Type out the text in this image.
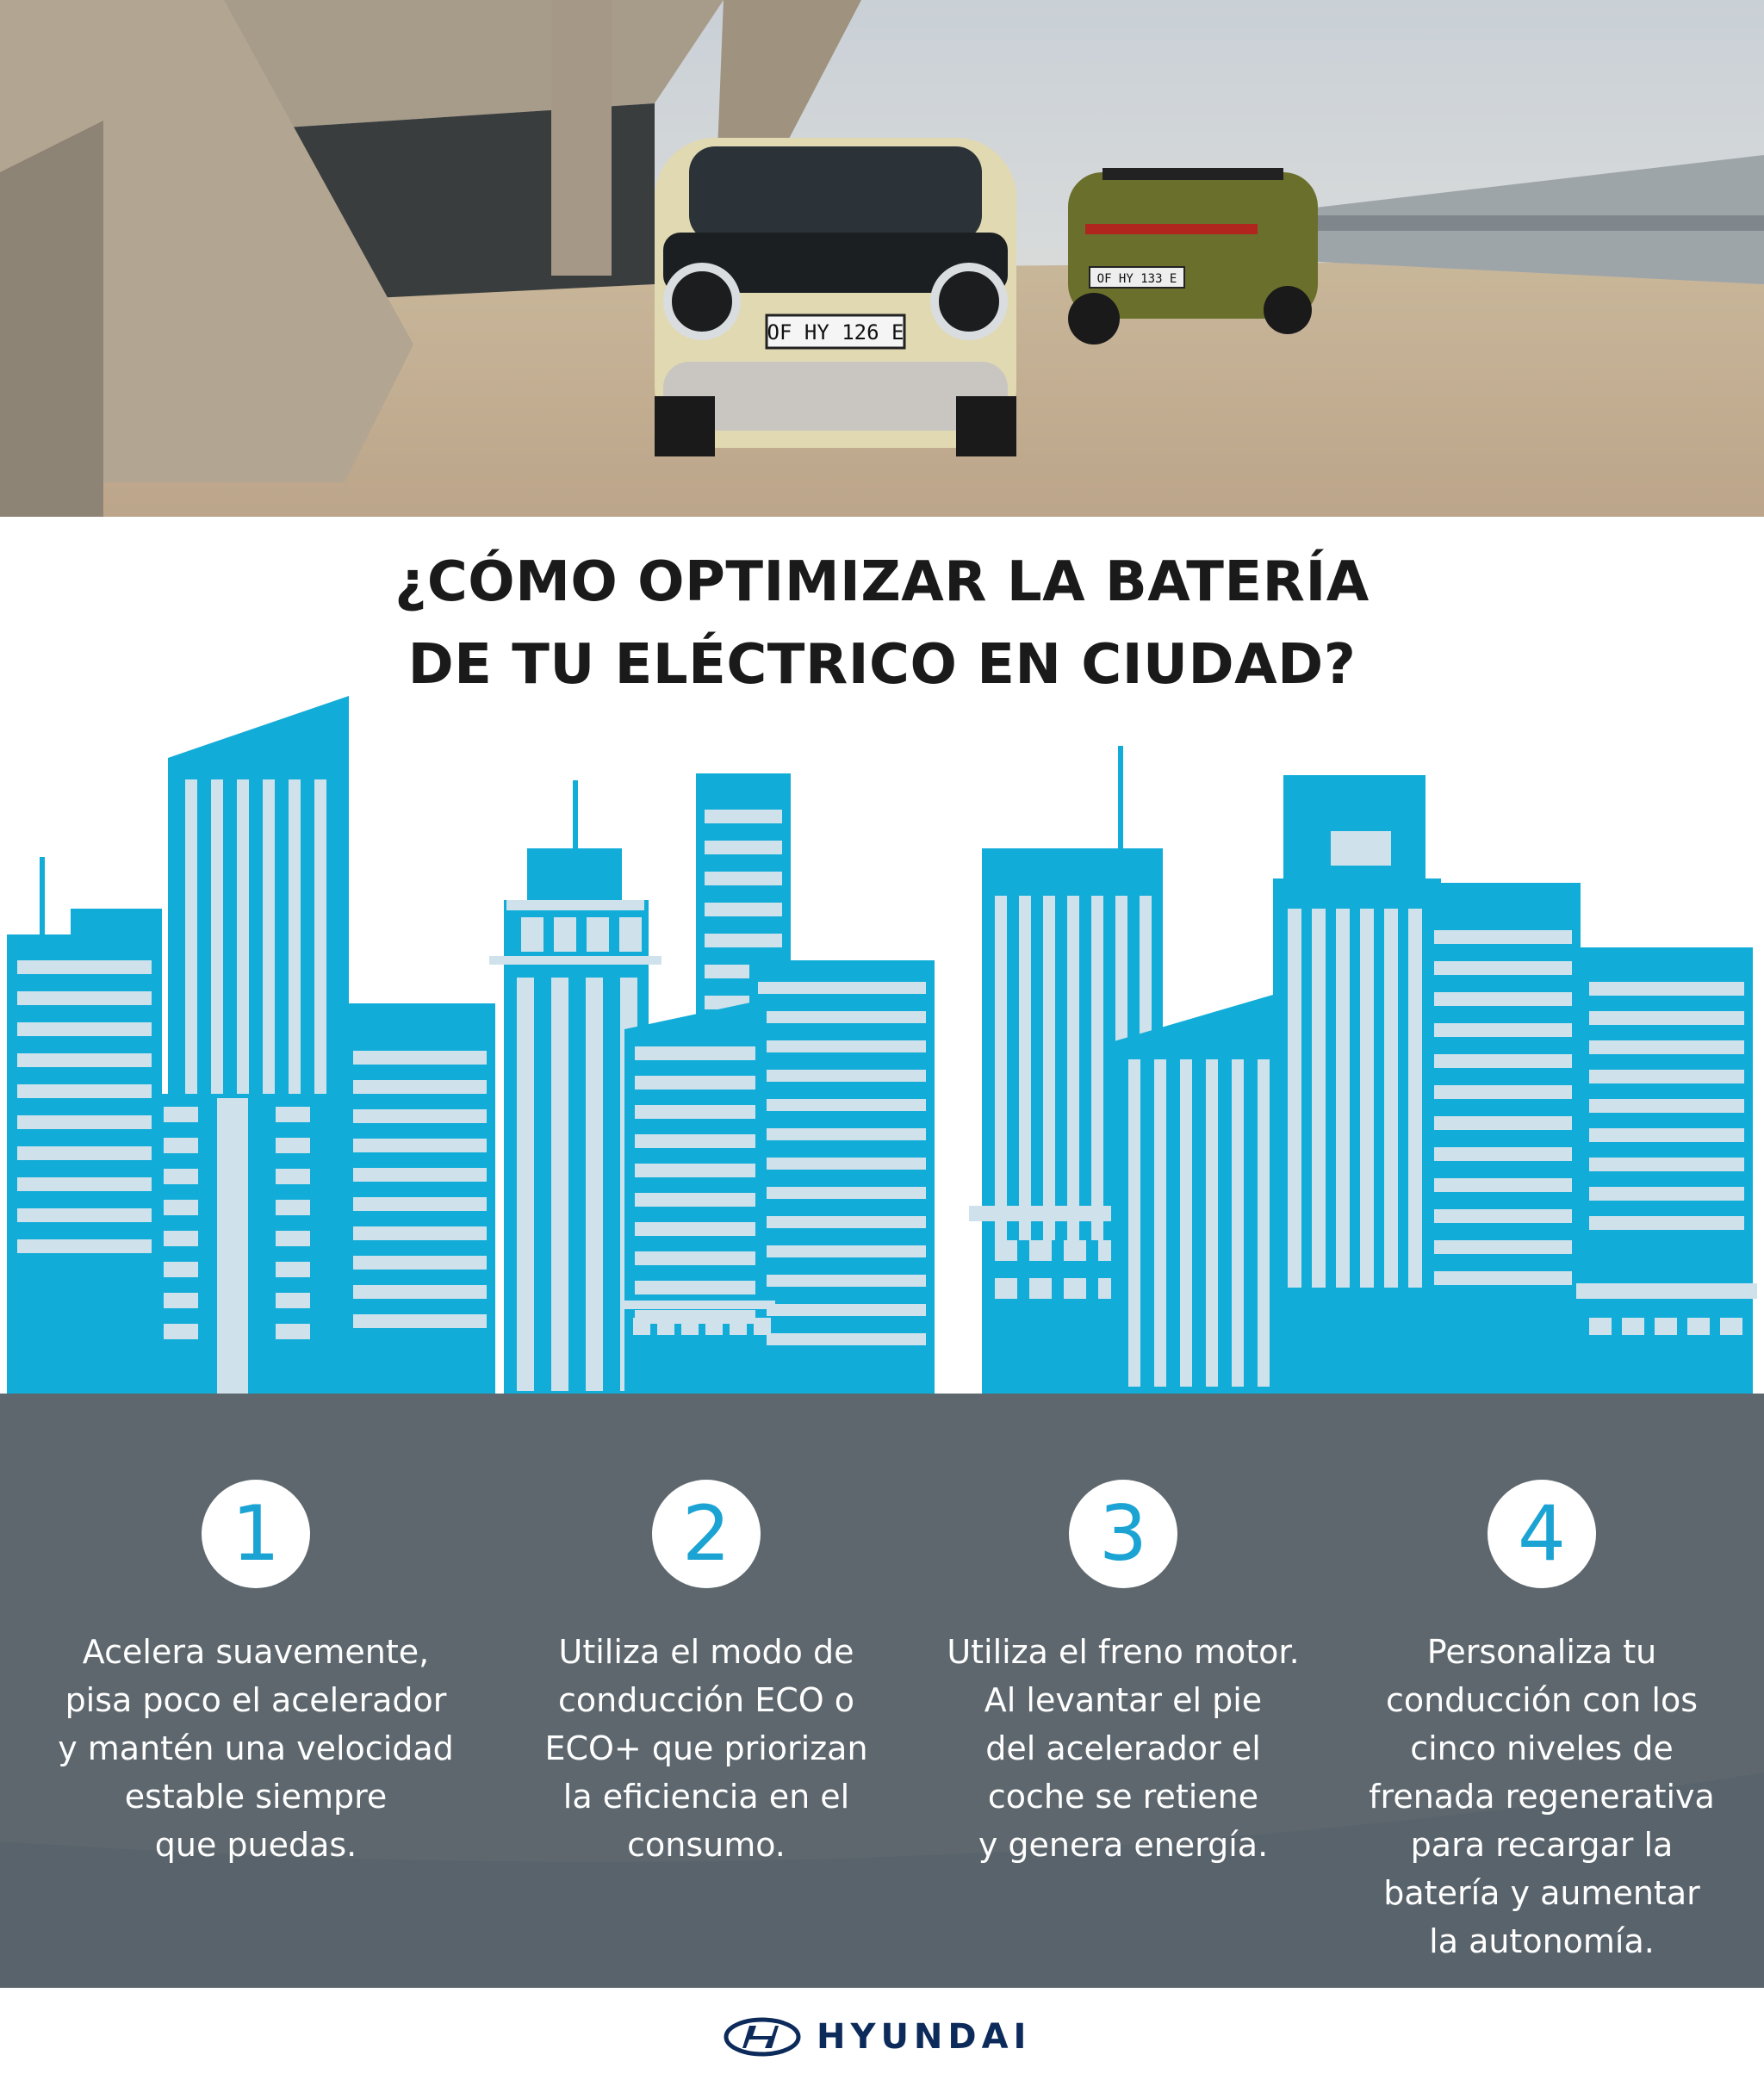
OF HY 126 E
OF HY 133 E
¿CÓMO OPTIMIZAR LA BATERÍA
DE TU ELÉCTRICO EN CIUDAD?
1
Acelera suavemente,
pisa poco el acelerador
y mantén una velocidad
estable siempre
que puedas.
2
Utiliza el modo de
conducción ECO o
ECO+ que priorizan
la eficiencia en el
consumo.
3
Utiliza el freno motor.
Al levantar el pie
del acelerador el
coche se retiene
y genera energía.
4
Personaliza tu
conducción con los
cinco niveles de
frenada regenerativa
para recargar la
batería y aumentar
la autonomía.
HYUNDAI
